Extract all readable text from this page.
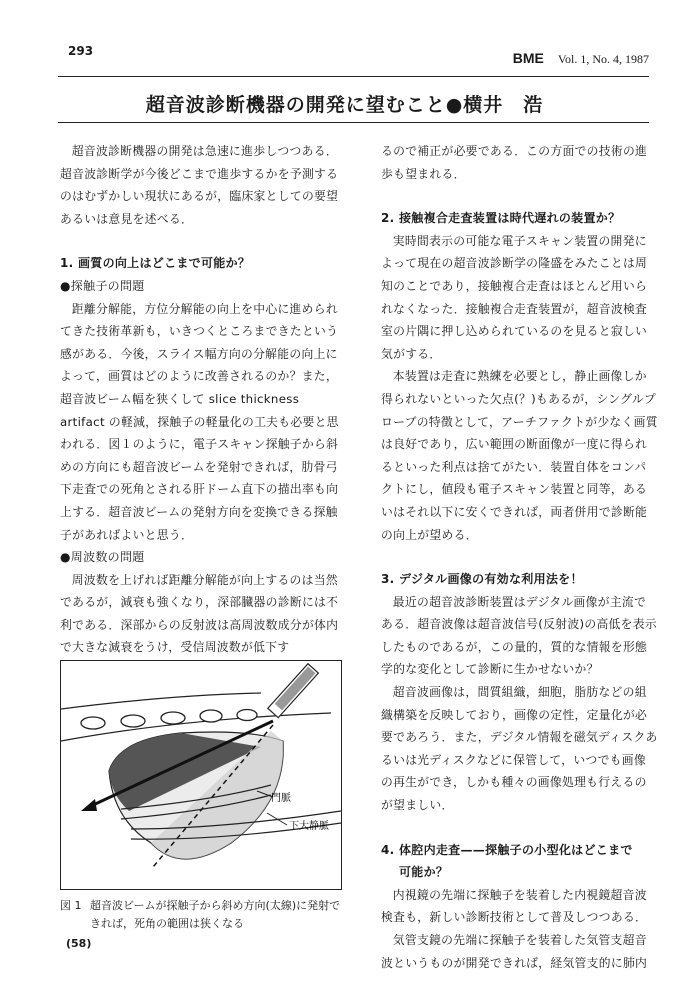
293	BME Vol. 1, No. 4, 1987
超音波診断機器の開発に望むこと●横井　浩

超音波診断機器の開発は急速に進歩しつつある．超音波診断学が今後どこまで進歩するかを予測するのはむずかしい現状にあるが，臨床家としての要望あるいは意見を述べる．

1. 画質の向上はどこまで可能か？
● 探触子の問題

距離分解能，方位分解能の向上を中心に進められてきた技術革新も，いきつくところまできたという感がある．今後，スライス幅方向の分解能の向上によって，画質はどのように改善されるのか？また，超音波ビーム幅を狭くして slice thickness artifact の軽減，探触子の軽量化の工夫も必要と思われる．図１のように，電子スキャン探触子から斜めの方向にも超音波ビームを発射できれば，肋骨弓下走査での死角とされる肝ドーム直下の描出率も向上する．超音波ビームの発射方向を変換できる探触子があればよいと思う．

● 周波数の問題

周波数を上げれば距離分解能が向上するのは当然であるが，減衰も強くなり，深部臓器の診断には不利である．深部からの反射波は高周波数成分が体内で大きな減衰をうけ，受信周波数が低下す

門脈
下大静脈
図 1 超音波ビームが探触子から斜め方向(太線)に発射できれば，死角の範囲は狭くなる
(58)

るので補正が必要である．この方面での技術の進歩も望まれる．

2. 接触複合走査装置は時代遅れの装置か？

実時間表示の可能な電子スキャン装置の開発によって現在の超音波診断学の隆盛をみたことは周知のことであり，接触複合走査はほとんど用いられなくなった．接触複合走査装置が，超音波検査室の片隅に押し込められているのを見ると寂しい気がする．

本装置は走査に熟練を必要とし，静止画像しか得られないといった欠点(？)もあるが，シングルプローブの特徴として，アーチファクトが少なく画質は良好であり，広い範囲の断面像が一度に得られるといった利点は捨てがたい．装置自体をコンパクトにし，値段も電子スキャン装置と同等，あるいはそれ以下に安くできれば，両者併用で診断能の向上が望める．

3. デジタル画像の有効な利用法を！

最近の超音波診断装置はデジタル画像が主流である．超音波像は超音波信号(反射波)の高低を表示したものであるが，この量的，質的な情報を形態学的な変化として診断に生かせないか？

超音波画像は，間質組織，細胞，脂肪などの組織構築を反映しており，画像の定性，定量化が必要であろう．また，デジタル情報を磁気ディスクあるいは光ディスクなどに保管して，いつでも画像の再生ができ，しかも種々の画像処理も行えるのが望ましい．

4. 体腔内走査——探触子の小型化はどこまで
可能か？

内視鏡の先端に探触子を装着した内視鏡超音波検査も，新しい診断技術として普及しつつある．

気管支鏡の先端に探触子を装着した気管支超音波というものが開発できれば，経気管支的に肺内
